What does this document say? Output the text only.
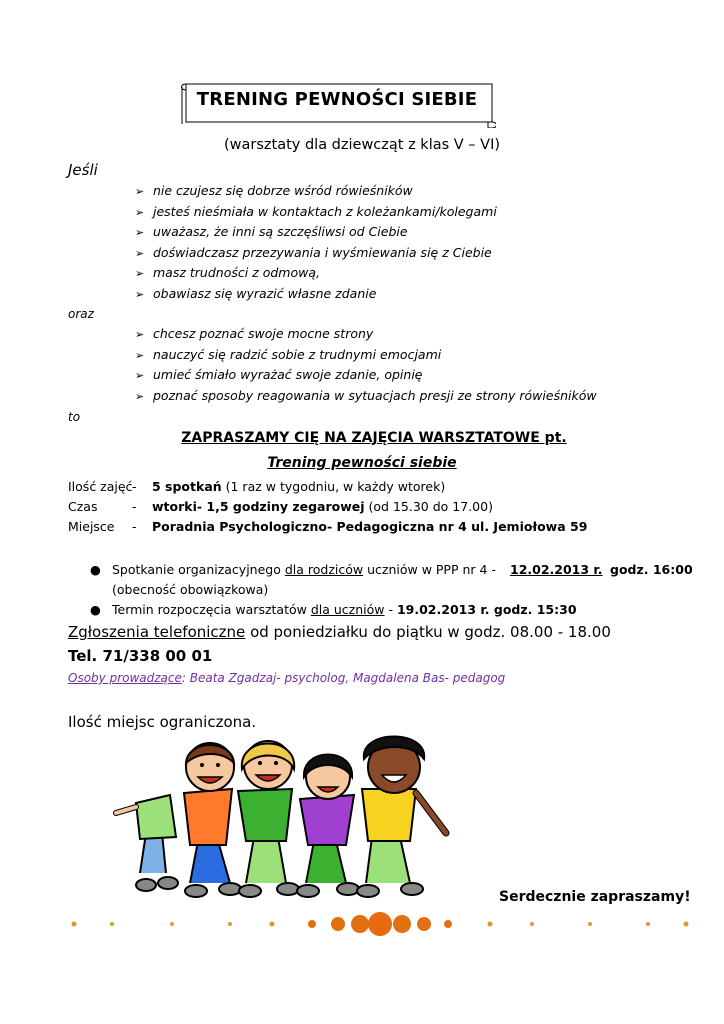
TRENING PEWNOŚCI SIEBIE
(warsztaty dla dziewcząt z klas V – VI)
Jeśli
➢ nie czujesz się dobrze wśród rówieśników
➢ jesteś nieśmiała w kontaktach z koleżankami/kolegami
➢ uważasz, że inni są szczęśliwsi od Ciebie
➢ doświadczasz przezywania i wyśmiewania się z Ciebie
➢ masz trudności z odmową,
➢ obawiasz się wyrazić własne zdanie
oraz
➢ chcesz poznać swoje mocne strony
➢ nauczyć się radzić sobie z trudnymi emocjami
➢ umieć śmiało wyrażać swoje zdanie, opinię
➢ poznać sposoby reagowania w sytuacjach presji ze strony rówieśników
to
ZAPRASZAMY CIĘ NA ZAJĘCIA WARSZTATOWE pt.
Trening pewności siebie
Ilość zajęć- 5 spotkań (1 raz w tygodniu, w każdy wtorek)
Czas	- wtorki- 1,5 godziny zegarowej (od 15.30 do 17.00)
Miejsce - Poradnia Psychologiczno- Pedagogiczna nr 4 ul. Jemiołowa 59
● Spotkanie organizacyjnego dla rodziców uczniów w PPP nr 4 - 12.02.2013 r. godz. 16:00
(obecność obowiązkowa)
● Termin rozpoczęcia warsztatów dla uczniów - 19.02.2013 r. godz. 15:30
Zgłoszenia telefoniczne od poniedziałku do piątku w godz. 08.00 - 18.00
Tel. 71/338 00 01
Osoby prowadzące: Beata Zgadzaj- psycholog, Magdalena Bas- pedagog
Ilość miejsc ograniczona.
Serdecznie zapraszamy!
